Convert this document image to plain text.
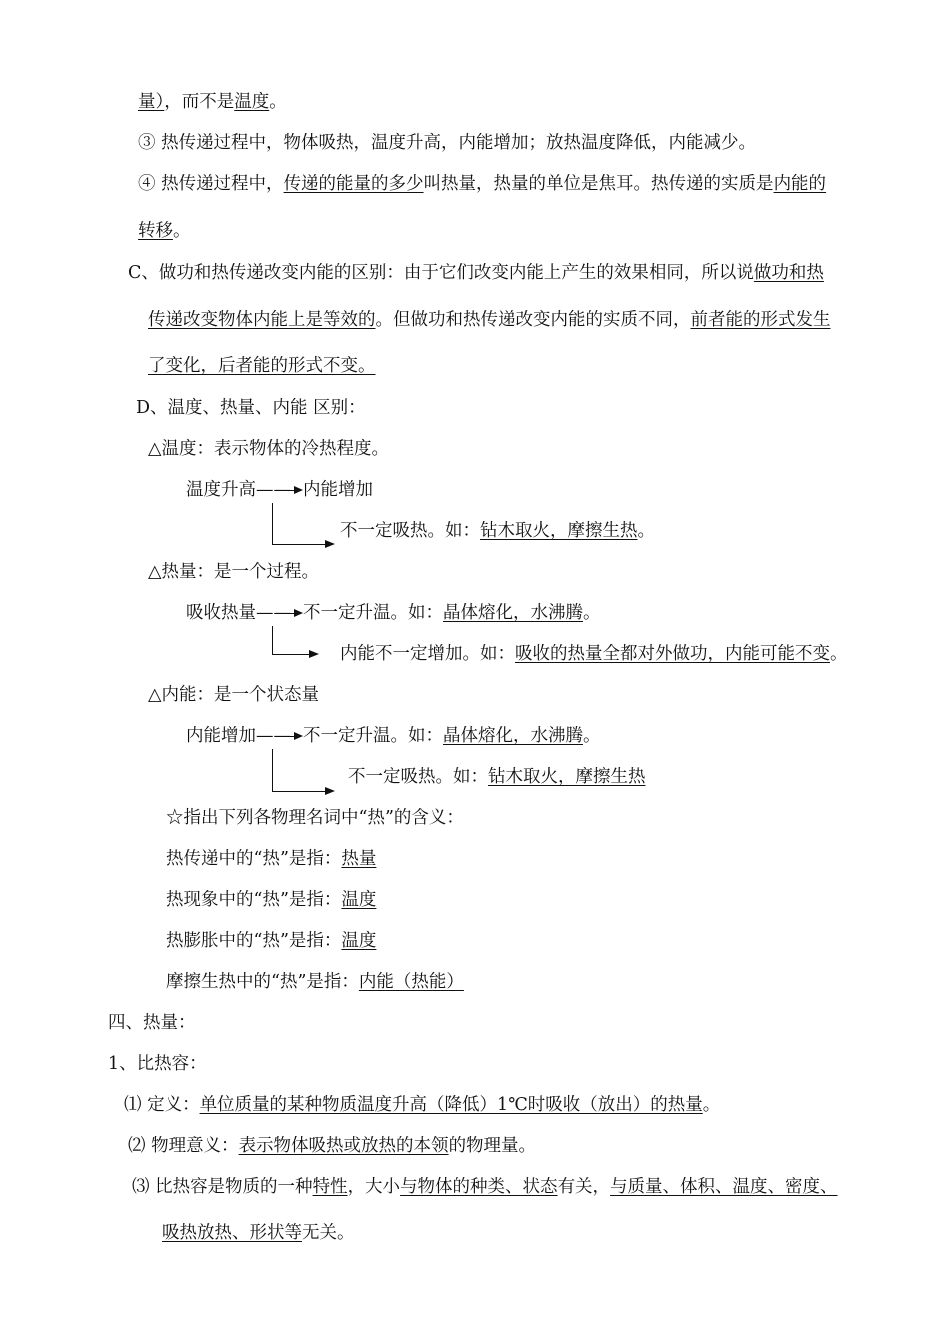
量），而不是温度。
③ 热传递过程中，物体吸热，温度升高，内能增加；放热温度降低，内能减少。
④ 热传递过程中，传递的能量的多少叫热量，热量的单位是焦耳。热传递的实质是内能的
转移。
C、做功和热传递改变内能的区别：由于它们改变内能上产生的效果相同，所以说做功和热
传递改变物体内能上是等效的。但做功和热传递改变内能的实质不同，前者能的形式发生
了变化，后者能的形式不变。
D、温度、热量、内能 区别：
△温度：表示物体的冷热程度。
温度升高—— 内能增加
不一定吸热。如：钻木取火，摩擦生热。
△热量：是一个过程。
吸收热量—— 不一定升温。如：晶体熔化，水沸腾。
内能不一定增加。如：吸收的热量全都对外做功，内能可能不变。
△内能：是一个状态量
内能增加—— 不一定升温。如：晶体熔化，水沸腾。
不一定吸热。如：钻木取火，摩擦生热
☆指出下列各物理名词中“热”的含义：
热传递中的“热”是指：热量
热现象中的“热”是指：温度
热膨胀中的“热”是指：温度
摩擦生热中的“热”是指：内能（热能）
四、热量：
1、比热容：
⑴ 定义：单位质量的某种物质温度升高（降低）1℃时吸收（放出）的热量。
⑵ 物理意义：表示物体吸热或放热的本领的物理量。
⑶ 比热容是物质的一种特性，大小与物体的种类、状态有关，与质量、体积、温度、密度、
吸热放热、形状等无关。
